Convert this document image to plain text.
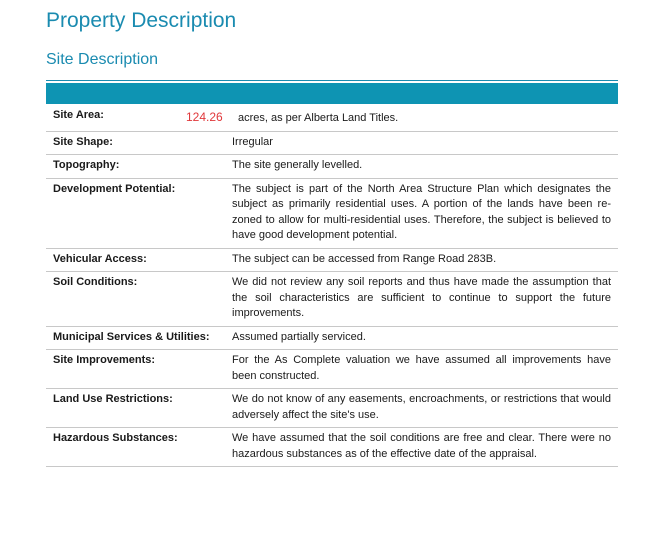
Property Description
Site Description
Site Area:	124.26 acres, as per Alberta Land Titles.
Site Shape:	Irregular
Topography:	The site generally levelled.
Development Potential:	The subject is part of the North Area Structure Plan which designates the subject as primarily residential uses. A portion of the lands have been re-zoned to allow for multi-residential uses. Therefore, the subject is believed to have good development potential.
Vehicular Access:	The subject can be accessed from Range Road 283B.
Soil Conditions:	We did not review any soil reports and thus have made the assumption that the soil characteristics are sufficient to continue to support the future improvements.
Municipal Services & Utilities:	Assumed partially serviced.
Site Improvements:	For the As Complete valuation we have assumed all improvements have been constructed.
Land Use Restrictions:	We do not know of any easements, encroachments, or restrictions that would adversely affect the site's use.
Hazardous Substances:	We have assumed that the soil conditions are free and clear. There were no hazardous substances as of the effective date of the appraisal.
